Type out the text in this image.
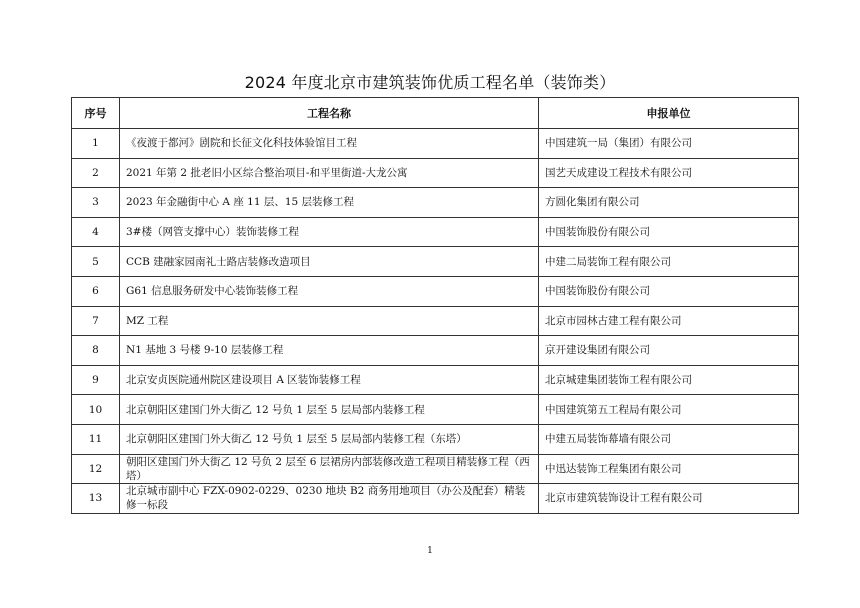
2024 年度北京市建筑装饰优质工程名单（装饰类）
序号	工程名称	申报单位
1	《夜渡于都河》剧院和长征文化科技体验馆目工程	中国建筑一局（集团）有限公司
2	2021 年第 2 批老旧小区综合整治项目-和平里街道-大龙公寓	国艺天成建设工程技术有限公司
3	2023 年金融街中心 A 座 11 层、15 层装修工程	方圆化集团有限公司
4	3#楼（网管支撑中心）装饰装修工程	中国装饰股份有限公司
5	CCB 建融家园南礼士路店装修改造项目	中建二局装饰工程有限公司
6	G61 信息服务研发中心装饰装修工程	中国装饰股份有限公司
7	MZ 工程	北京市园林古建工程有限公司
8	N1 基地 3 号楼 9-10 层装修工程	京开建设集团有限公司
9	北京安贞医院通州院区建设项目 A 区装饰装修工程	北京城建集团装饰工程有限公司
10	北京朝阳区建国门外大街乙 12 号负 1 层至 5 层局部内装修工程	中国建筑第五工程局有限公司
11	北京朝阳区建国门外大街乙 12 号负 1 层至 5 层局部内装修工程（东塔）	中建五局装饰幕墙有限公司
12	朝阳区建国门外大街乙 12 号负 2 层至 6 层裙房内部装修改造工程项目精装修工程（西塔）	中迅达装饰工程集团有限公司
13	北京城市副中心 FZX-0902-0229、0230 地块 B2 商务用地项目（办公及配套）精装修一标段	北京市建筑装饰设计工程有限公司
1
